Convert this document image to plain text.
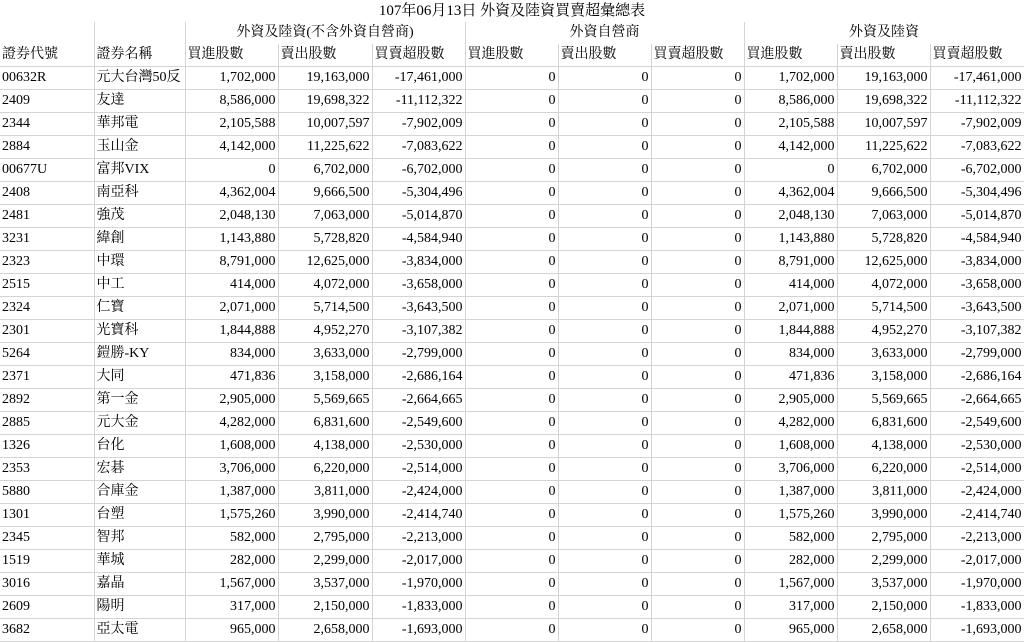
107年06月13日 外資及陸資買賣超彙總表
		外資及陸資(不含外資自營商)			外資自營商			外資及陸資		
證券代號	證券名稱	買進股數	賣出股數	買賣超股數	買進股數	賣出股數	買賣超股數	買進股數	賣出股數	買賣超股數
00632R	元大台灣50反	1,702,000	19,163,000	-17,461,000	0	0	0	1,702,000	19,163,000	-17,461,000
2409	友達	8,586,000	19,698,322	-11,112,322	0	0	0	8,586,000	19,698,322	-11,112,322
2344	華邦電	2,105,588	10,007,597	-7,902,009	0	0	0	2,105,588	10,007,597	-7,902,009
2884	玉山金	4,142,000	11,225,622	-7,083,622	0	0	0	4,142,000	11,225,622	-7,083,622
00677U	富邦VIX	0	6,702,000	-6,702,000	0	0	0	0	6,702,000	-6,702,000
2408	南亞科	4,362,004	9,666,500	-5,304,496	0	0	0	4,362,004	9,666,500	-5,304,496
2481	強茂	2,048,130	7,063,000	-5,014,870	0	0	0	2,048,130	7,063,000	-5,014,870
3231	緯創	1,143,880	5,728,820	-4,584,940	0	0	0	1,143,880	5,728,820	-4,584,940
2323	中環	8,791,000	12,625,000	-3,834,000	0	0	0	8,791,000	12,625,000	-3,834,000
2515	中工	414,000	4,072,000	-3,658,000	0	0	0	414,000	4,072,000	-3,658,000
2324	仁寶	2,071,000	5,714,500	-3,643,500	0	0	0	2,071,000	5,714,500	-3,643,500
2301	光寶科	1,844,888	4,952,270	-3,107,382	0	0	0	1,844,888	4,952,270	-3,107,382
5264	鎧勝-KY	834,000	3,633,000	-2,799,000	0	0	0	834,000	3,633,000	-2,799,000
2371	大同	471,836	3,158,000	-2,686,164	0	0	0	471,836	3,158,000	-2,686,164
2892	第一金	2,905,000	5,569,665	-2,664,665	0	0	0	2,905,000	5,569,665	-2,664,665
2885	元大金	4,282,000	6,831,600	-2,549,600	0	0	0	4,282,000	6,831,600	-2,549,600
1326	台化	1,608,000	4,138,000	-2,530,000	0	0	0	1,608,000	4,138,000	-2,530,000
2353	宏碁	3,706,000	6,220,000	-2,514,000	0	0	0	3,706,000	6,220,000	-2,514,000
5880	合庫金	1,387,000	3,811,000	-2,424,000	0	0	0	1,387,000	3,811,000	-2,424,000
1301	台塑	1,575,260	3,990,000	-2,414,740	0	0	0	1,575,260	3,990,000	-2,414,740
2345	智邦	582,000	2,795,000	-2,213,000	0	0	0	582,000	2,795,000	-2,213,000
1519	華城	282,000	2,299,000	-2,017,000	0	0	0	282,000	2,299,000	-2,017,000
3016	嘉晶	1,567,000	3,537,000	-1,970,000	0	0	0	1,567,000	3,537,000	-1,970,000
2609	陽明	317,000	2,150,000	-1,833,000	0	0	0	317,000	2,150,000	-1,833,000
3682	亞太電	965,000	2,658,000	-1,693,000	0	0	0	965,000	2,658,000	-1,693,000
